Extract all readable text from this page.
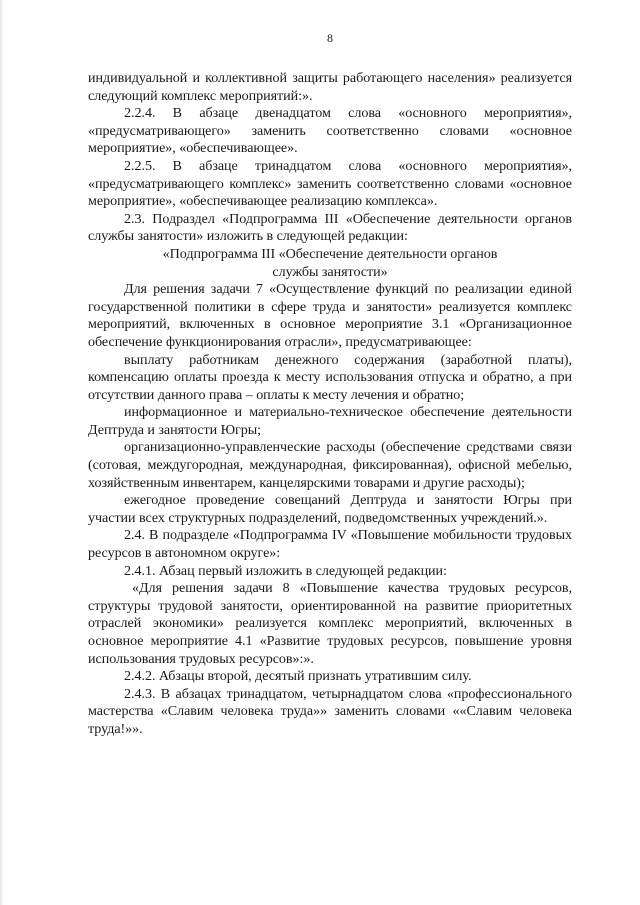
8

индивидуальной и коллективной защиты работающего населения» реализуется следующий комплекс мероприятий:».

2.2.4. В абзаце двенадцатом слова «основного мероприятия», «предусматривающего» заменить соответственно словами «основное мероприятие», «обеспечивающее».

2.2.5. В абзаце тринадцатом слова «основного мероприятия», «предусматривающего комплекс» заменить соответственно словами «основное мероприятие», «обеспечивающее реализацию комплекса».

2.3. Подраздел «Подпрограмма III «Обеспечение деятельности органов службы занятости» изложить в следующей редакции:

«Подпрограмма III «Обеспечение деятельности органов
службы занятости»

Для решения задачи 7 «Осуществление функций по реализации единой государственной политики в сфере труда и занятости» реализуется комплекс мероприятий, включенных в основное мероприятие 3.1 «Организационное обеспечение функционирования отрасли», предусматривающее:

выплату работникам денежного содержания (заработной платы), компенсацию оплаты проезда к месту использования отпуска и обратно, а при отсутствии данного права – оплаты к месту лечения и обратно;

информационное и материально-техническое обеспечение деятельности Дептруда и занятости Югры;

организационно-управленческие расходы (обеспечение средствами связи (сотовая, междугородная, международная, фиксированная), офисной мебелью, хозяйственным инвентарем, канцелярскими товарами и другие расходы);

ежегодное проведение совещаний Дептруда и занятости Югры при участии всех структурных подразделений, подведомственных учреждений.».

2.4. В подразделе «Подпрограмма IV «Повышение мобильности трудовых ресурсов в автономном округе»:

2.4.1. Абзац первый изложить в следующей редакции:

«Для решения задачи 8 «Повышение качества трудовых ресурсов, структуры трудовой занятости, ориентированной на развитие приоритетных отраслей экономики» реализуется комплекс мероприятий, включенных в основное мероприятие 4.1 «Развитие трудовых ресурсов, повышение уровня использования трудовых ресурсов»:».

2.4.2. Абзацы второй, десятый признать утратившим силу.

2.4.3. В абзацах тринадцатом, четырнадцатом слова «профессионального мастерства «Славим человека труда»» заменить словами ««Славим человека труда!»».
